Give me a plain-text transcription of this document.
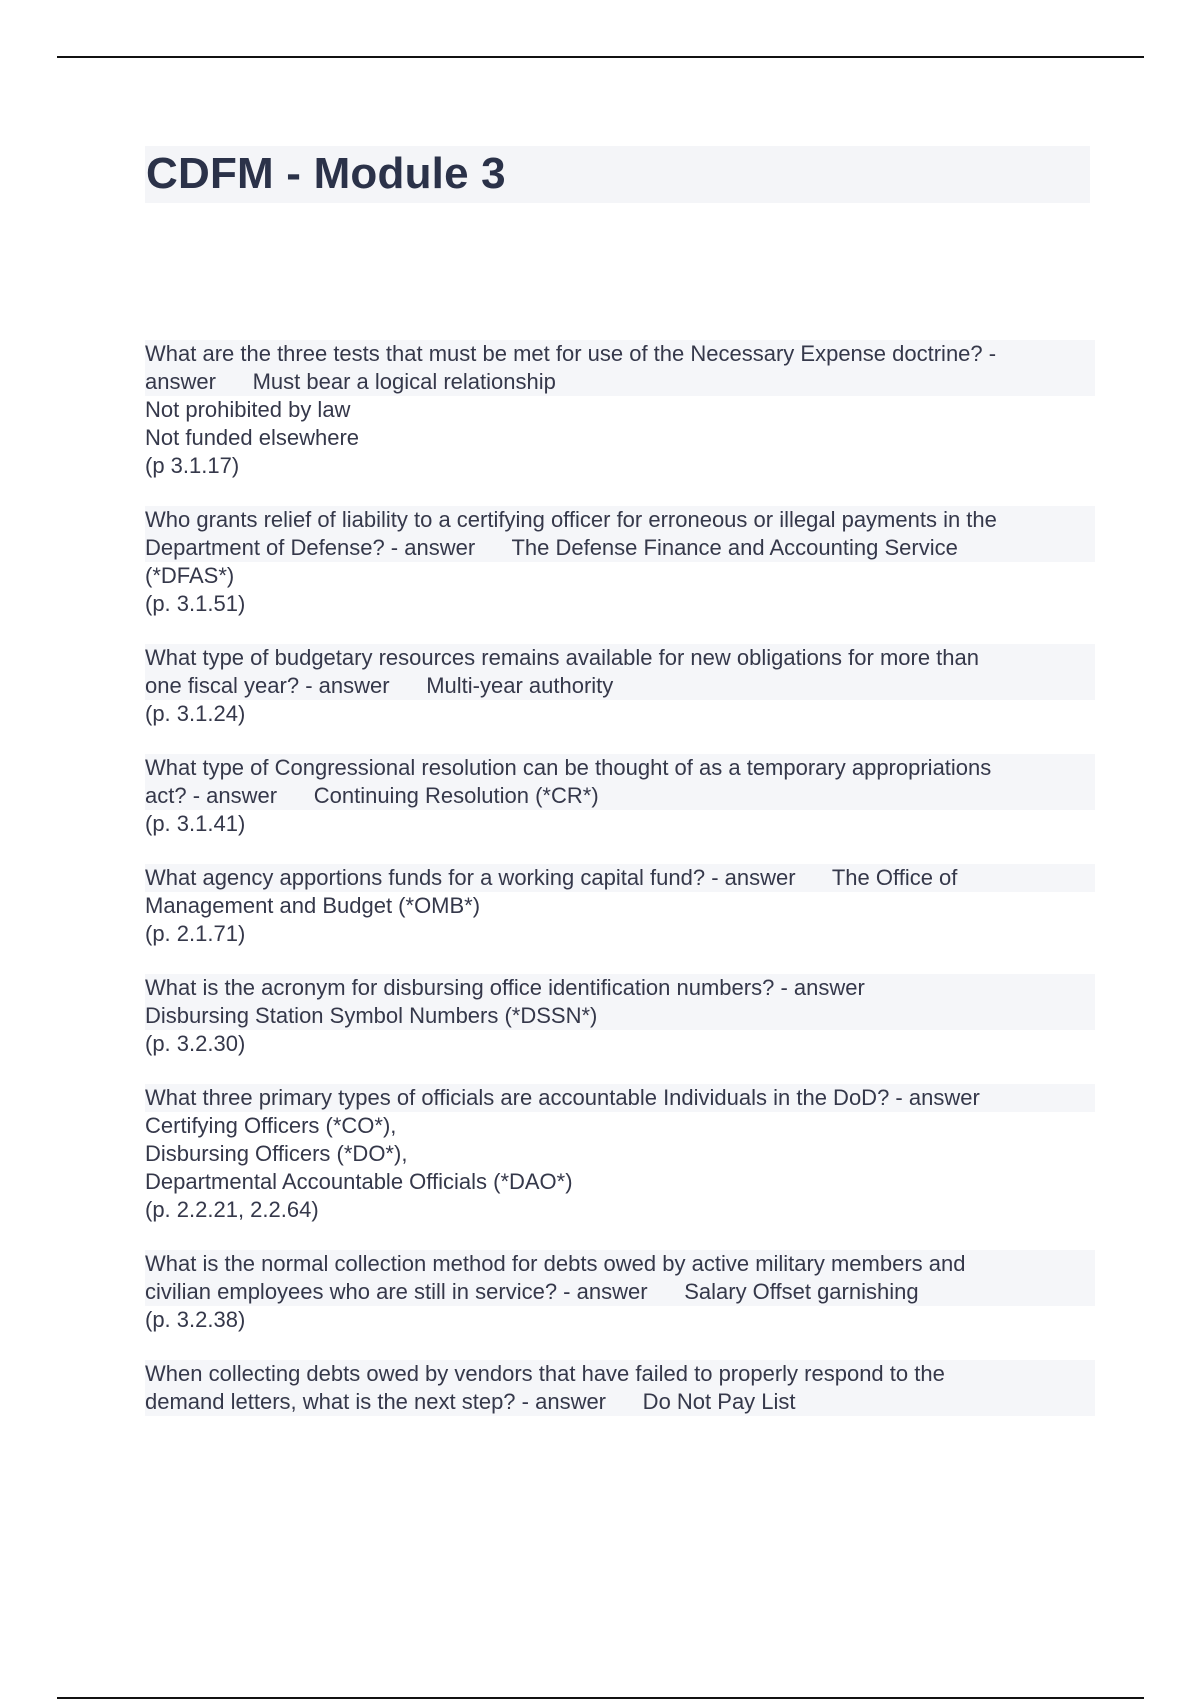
CDFM - Module 3
What are the three tests that must be met for use of the Necessary Expense doctrine? -
answer      Must bear a logical relationship
Not prohibited by law
Not funded elsewhere
(p 3.1.17)
Who grants relief of liability to a certifying officer for erroneous or illegal payments in the
Department of Defense? - answer      The Defense Finance and Accounting Service
(*DFAS*)
(p. 3.1.51)
What type of budgetary resources remains available for new obligations for more than
one fiscal year? - answer      Multi-year authority
(p. 3.1.24)
What type of Congressional resolution can be thought of as a temporary appropriations
act? - answer      Continuing Resolution (*CR*)
(p. 3.1.41)
What agency apportions funds for a working capital fund? - answer      The Office of
Management and Budget (*OMB*)
(p. 2.1.71)
What is the acronym for disbursing office identification numbers? - answer
Disbursing Station Symbol Numbers (*DSSN*)
(p. 3.2.30)
What three primary types of officials are accountable Individuals in the DoD? - answer
Certifying Officers (*CO*),
Disbursing Officers (*DO*),
Departmental Accountable Officials (*DAO*)
(p. 2.2.21, 2.2.64)
What is the normal collection method for debts owed by active military members and
civilian employees who are still in service? - answer      Salary Offset garnishing
(p. 3.2.38)
When collecting debts owed by vendors that have failed to properly respond to the
demand letters, what is the next step? - answer      Do Not Pay List
